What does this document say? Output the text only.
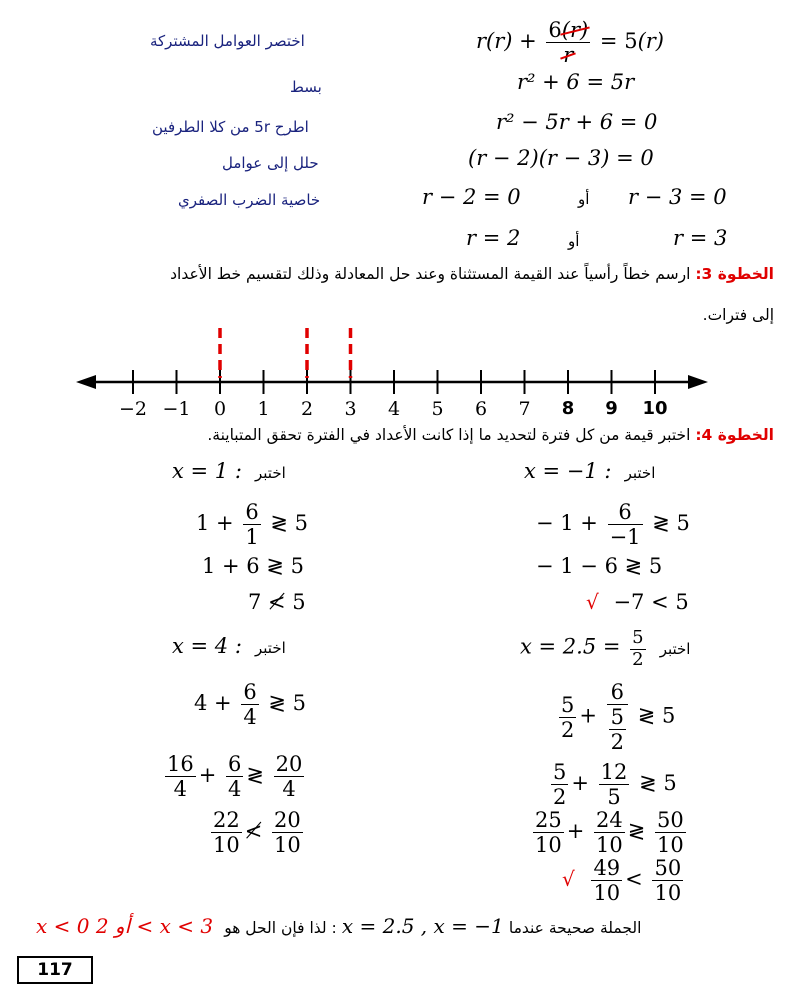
اختصر العوامل المشتركة	$r(r) + \frac{6(r)}{r} = 5(r)$
بسط	r² + 6 = 5r
اطرح 5r من كلا الطرفين	r² − 5r + 6 = 0
حلل إلى عوامل	(r − 2)(r − 3) = 0
خاصية الضرب الصفري	r − 2 = 0	أو r − 3 = 0
r = 2	أو	r = 3
الخطوة 3: ارسم خطاً رأسياً عند القيمة المستثناة وعند حل المعادلة وذلك لتقسيم خط الأعداد
إلى فترات.
−2 −1	0	1	2	3	4	5	6	7	8	9	10
الخطوة 4: اختبر قيمة من كل فترة لتحديد ما إذا كانت الأعداد في الفترة تحقق المتباينة.
x = −1 : اختبر
− $1 + \frac{6}{-1}$ ≷ 5
− 1 − 6 ≷ 5
√ −7 < 5
x = 1 : اختبر
$1 + \frac{6}{1}$ ≷ 5
1 + 6 ≷ 5
7 ≮ 5
$x = 2.5 = \frac{5}{2}$ اختبر
$\frac{5}{2} + \frac{6}{\frac{5}{2}}$ ≷ 5
$\frac{5}{2} + \frac{12}{5}$ ≷ 5
$\frac{25}{10} + \frac{24}{10}$ ≷ $\frac{50}{10}$
√ $\frac{49}{10} < \frac{50}{10}$
x = 4 : اختبر
$4 + \frac{6}{4}$ ≷ 5
$\frac{16}{4} + \frac{6}{4}$ ≷ $\frac{20}{4}$
$\frac{22}{10}$ ≮ $\frac{20}{10}$
x < 0 أو 2 < x < 3 لذا فإن الحل هو : x = 2.5 , x = −1 الجملة صحيحة عندما
117
